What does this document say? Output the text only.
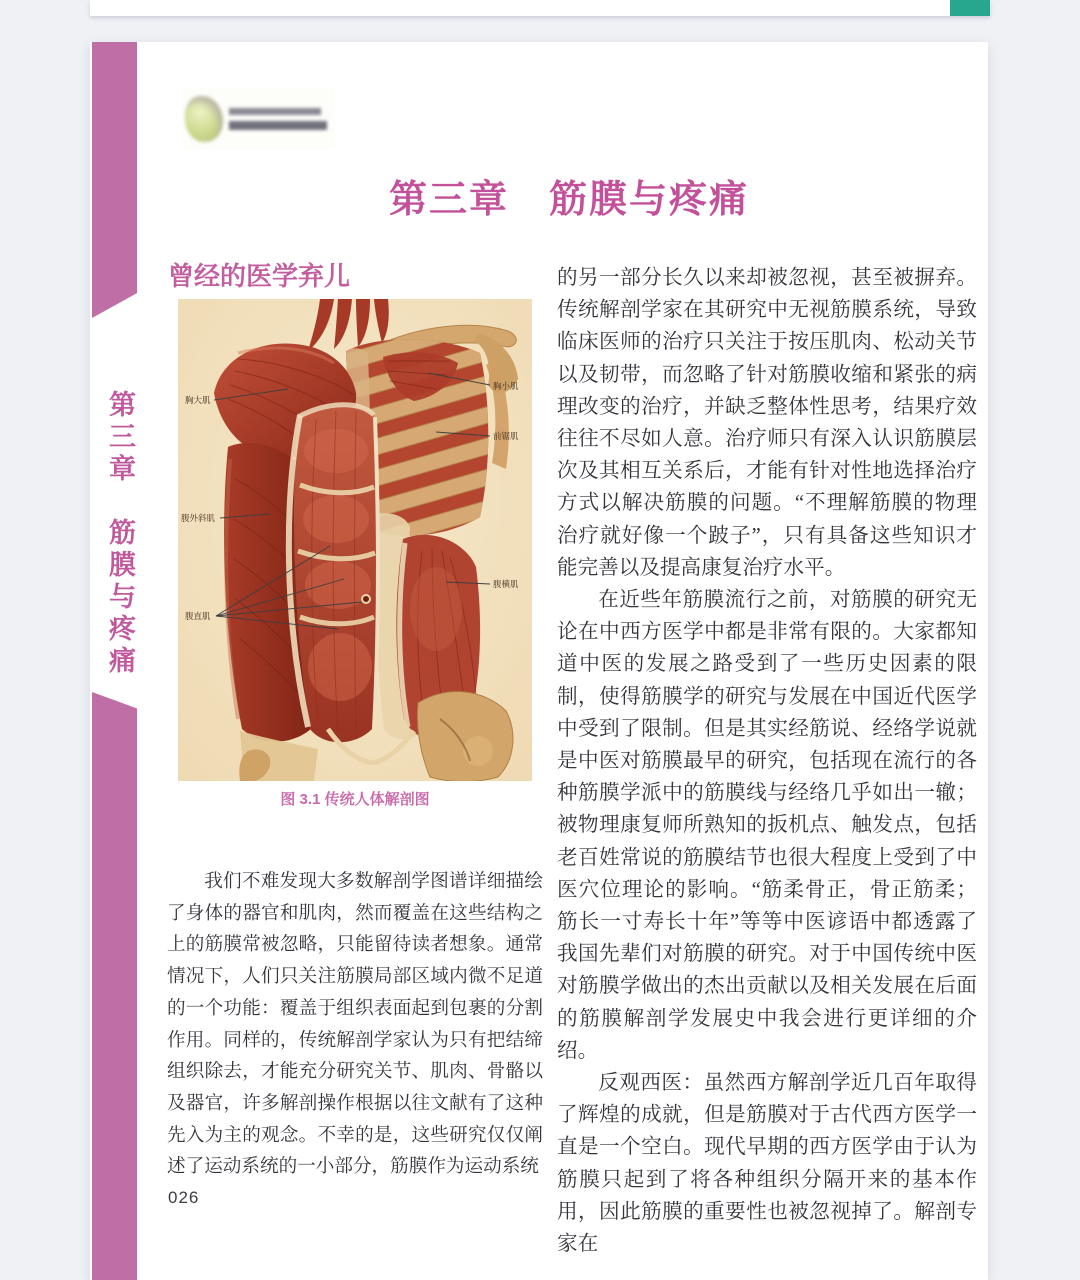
第三章　筋膜与疼痛
第三章　筋膜与疼痛
曾经的医学弃儿
胸大肌
腹外斜肌
腹直肌
胸小肌
前锯肌
腹横肌
图 3.1 传统人体解剖图

我们不难发现大多数解剖学图谱详细描绘了身体的器官和肌肉，然而覆盖在这些结构之上的筋膜常被忽略，只能留待读者想象。通常情况下，人们只关注筋膜局部区域内微不足道的一个功能：覆盖于组织表面起到包裹的分割作用。同样的，传统解剖学家认为只有把结缔组织除去，才能充分研究关节、肌肉、骨骼以及器官，许多解剖操作根据以往文献有了这种先入为主的观念。不幸的是，这些研究仅仅阐述了运动系统的一小部分，筋膜作为运动系统

的另一部分长久以来却被忽视，甚至被摒弃。传统解剖学家在其研究中无视筋膜系统，导致临床医师的治疗只关注于按压肌肉、松动关节以及韧带，而忽略了针对筋膜收缩和紧张的病理改变的治疗，并缺乏整体性思考，结果疗效往往不尽如人意。治疗师只有深入认识筋膜层次及其相互关系后，才能有针对性地选择治疗方式以解决筋膜的问题。“不理解筋膜的物理治疗就好像一个跛子”，只有具备这些知识才能完善以及提高康复治疗水平。

在近些年筋膜流行之前，对筋膜的研究无论在中西方医学中都是非常有限的。大家都知道中医的发展之路受到了一些历史因素的限制，使得筋膜学的研究与发展在中国近代医学中受到了限制。但是其实经筋说、经络学说就是中医对筋膜最早的研究，包括现在流行的各种筋膜学派中的筋膜线与经络几乎如出一辙；被物理康复师所熟知的扳机点、触发点，包括老百姓常说的筋膜结节也很大程度上受到了中医穴位理论的影响。“筋柔骨正，骨正筋柔；筋长一寸寿长十年”等等中医谚语中都透露了我国先辈们对筋膜的研究。对于中国传统中医对筋膜学做出的杰出贡献以及相关发展在后面的筋膜解剖学发展史中我会进行更详细的介绍。

反观西医：虽然西方解剖学近几百年取得了辉煌的成就，但是筋膜对于古代西方医学一直是一个空白。现代早期的西方医学由于认为筋膜只起到了将各种组织分隔开来的基本作用，因此筋膜的重要性也被忽视掉了。解剖专家在

026
